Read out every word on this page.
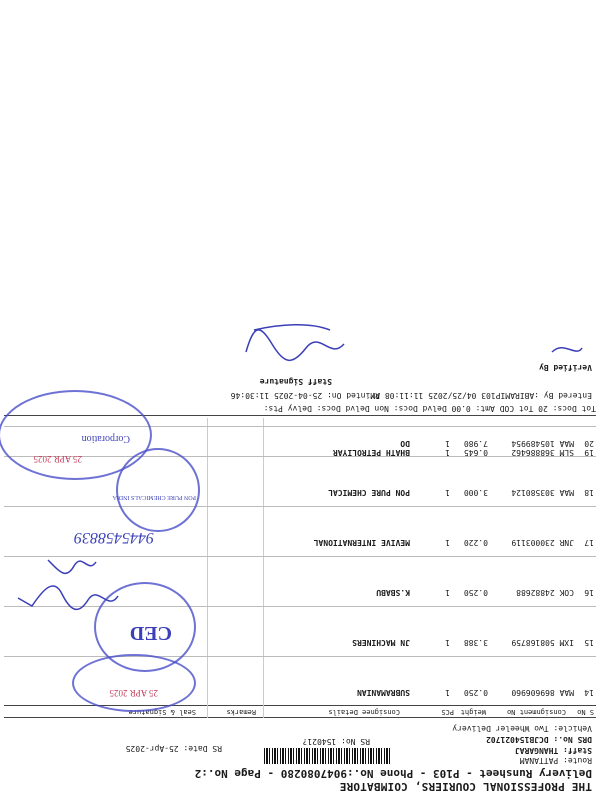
THE PROFESSIONAL COURIERS, COIMBATORE
Delivery Runsheet - P103 - Phone No.:9047080280 - Page No.:2
RS No: 154021?
RS Date: 25-Apr-2025
Route: PATTANAM
Staff: THANGARAJ
DRS No.: DCJB154021702
Vehicle: Two Wheeler Delivery
S No
Consignment No
Weight
PCS
Consignee Details
Remarks
Seal & Signature
14
MAA 869606960
0.250
1
SUBRAMANIAN
15
IXM 508168759
3.388
1
JN MACHINERS
16
COK 24882688
0.250
1
K.SBABU
17
JNR 230003119
0.220
1
MEVIVE INTERNATIONAL
18
MAA 303580124
3.000
1
PON PURE CHEMICAL
19
SLM 368886462
0.645
1
BHATH PETROLIYAR
20
MAA 105489954
7.980
1
DO
Tot Docs: 20 Tot COD Amt: 0.00 Delvd Docs: Non Delvd Docs: Delvy Pts:
Entered By :ABIRAMIP103 04/25/2025 11:11:08 AM
Printed On: 25-04-2025 11:30:46
Staff Signature
Verified By
CED
PON PURE CHEMICALS INDIA
Corporation
25 APR 2025
25 APR 2025
9445458839
